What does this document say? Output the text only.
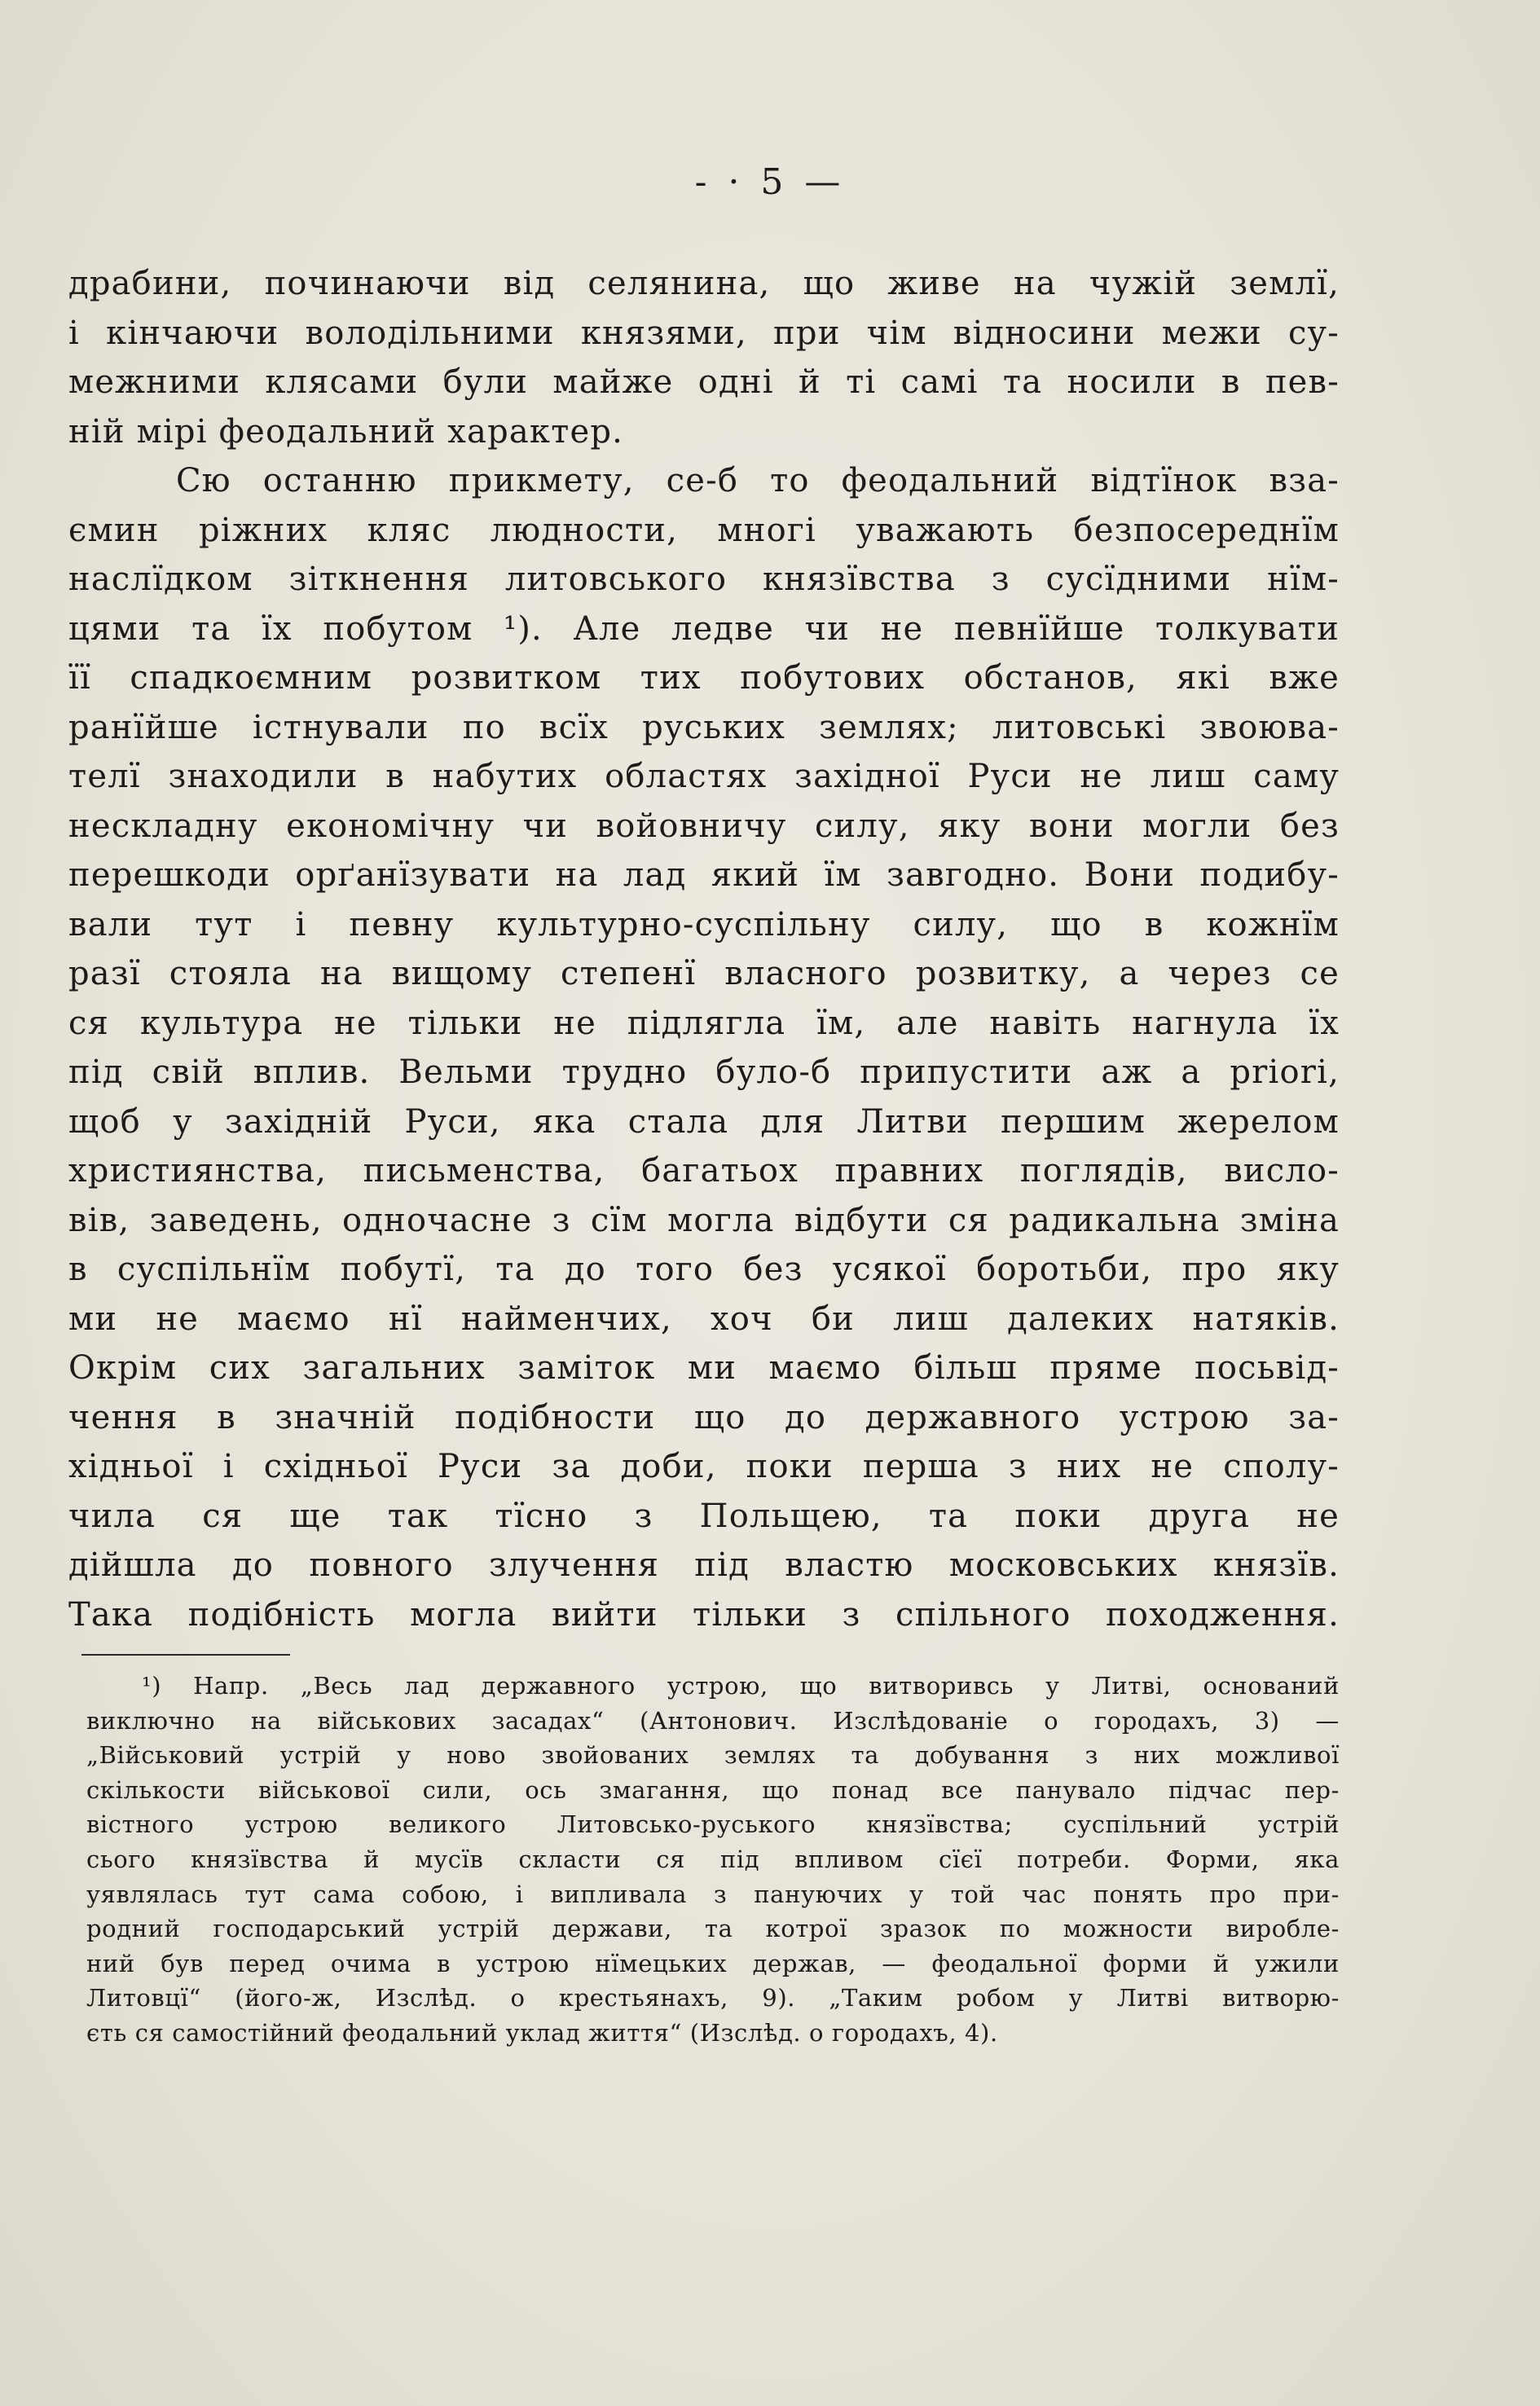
- · 5 —
драбини, починаючи від селянина, що живе на чужій землї,
і кінчаючи володільними князями, при чім відносини межи су-
межними клясами були майже одні й ті самі та носили в пев-
ній мірі феодальний характер.
Сю останню прикмету, се-б то феодальний відтїнок вза-
ємин ріжних кляс людности, многі уважають безпосереднїм
наслїдком зіткнення литовського князївства з сусїдними нїм-
цями та їх побутом ¹). Але ледве чи не певнїйше толкувати
її спадкоємним розвитком тих побутових обстанов, які вже
ранїйше істнували по всїх руських землях; литовські звоюва-
телї знаходили в набутих областях західної Руси не лиш саму
нескладну економічну чи войовничу силу, яку вони могли без
перешкоди орґанїзувати на лад який їм завгодно. Вони подибу-
вали тут і певну культурно-суспільну силу, що в кожнїм
разї стояла на вищому степенї власного розвитку, а через се
ся культура не тільки не підлягла їм, але навіть нагнула їх
під свій вплив. Вельми трудно було-б припустити аж a priori,
щоб у західній Руси, яка стала для Литви першим жерелом
християнства, письменства, багатьох правних поглядів, висло-
вів, заведень, одночасне з сїм могла відбути ся радикальна зміна
в суспільнїм побутї, та до того без усякої боротьби, про яку
ми не маємо нї найменчих, хоч би лиш далеких натяків.
Окрім сих загальних заміток ми маємо більш пряме посьвід-
чення в значній подібности що до державного устрою за-
хідньої і східньої Руси за доби, поки перша з них не сполу-
чила ся ще так тїсно з Польщею, та поки друга не
дійшла до повного злучення під властю московських князїв.
Така подібність могла вийти тільки з спільного походження.
¹) Напр. „Весь лад державного устрою, що витворивсь у Литві, оснований
виключно на військових засадах“ (Антонович. Изслѣдованіе о городахъ, 3) —
„Військовий устрій у ново звойованих землях та добування з них можливої
скількости військової сили, ось змагання, що понад все панувало підчас пер-
вістного устрою великого Литовсько-руського князївства; суспільний устрій
сього князївства й мусїв скласти ся під впливом сїєї потреби. Форми, яка
уявлялась тут сама собою, і випливала з пануючих у той час понять про при-
родний господарський устрій держави, та котрої зразок по можности виробле-
ний був перед очима в устрою нїмецьких держав, — феодальної форми й ужили
Литовцї“ (його-ж, Изслѣд. о крестьянахъ, 9). „Таким робом у Литві витворю-
єть ся самостійний феодальний уклад життя“ (Изслѣд. о городахъ, 4).
